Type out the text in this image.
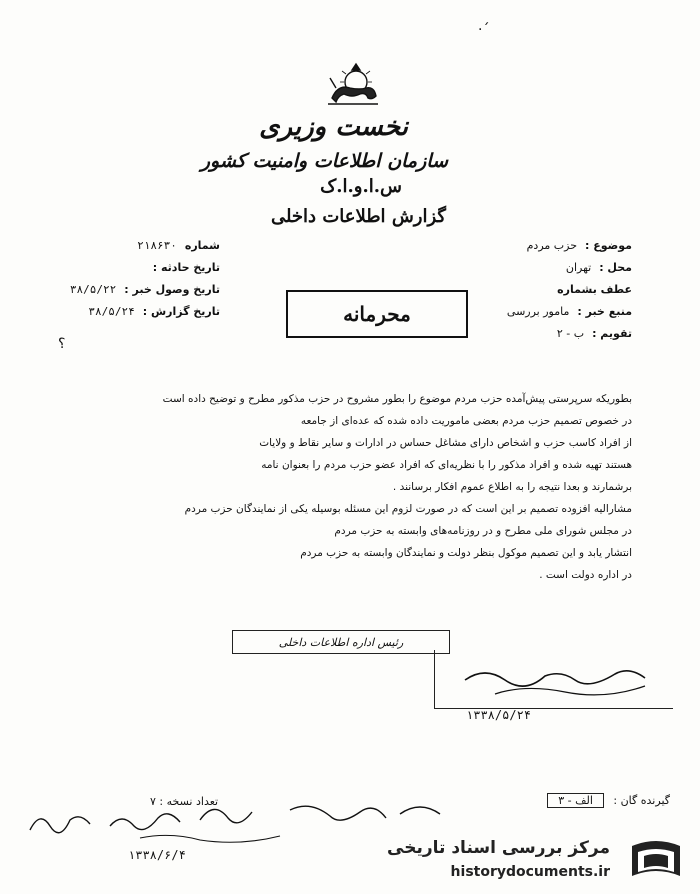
·ˊ
نخست وزیری
سازمان اطلاعات وامنیت کشور
س.ا.و.ا.ک
گزارش اطلاعات داخلی
موضوع :
حزب مردم
محل :
تهران
عطف بشماره
منبع خبر :
مامور بررسی
تقویم :
ب - ۲
شماره
۲۱۸۶۳۰
تاریخ حادثه :
تاریخ وصول خبر :
۳۸/۵/۲۲
تاریخ گزارش :
۳۸/۵/۲۴	محرمانه
؟

بطوریکه سرپرستی پیش‌آمده حزب مردم موضوع را بطور مشروح در حزب مذکور مطرح و توضیح داده است

در خصوص تصمیم حزب مردم بعضی ماموریت داده شده که عده‌ای از جامعه

از افراد کاسب حزب و اشخاص دارای مشاغل حساس در ادارات و سایر نقاط و ولایات

هستند تهیه شده و افراد مذکور را با نظریه‌ای که افراد عضو حزب مردم را بعنوان نامه

برشمارند و بعدا نتیجه را به اطلاع عموم افکار برسانند .

مشارالیه افزوده تصمیم بر این است که در صورت لزوم این مسئله بوسیله یکی از نمایندگان حزب مردم

در مجلس شورای ملی مطرح و در روزنامه‌های وابسته به حزب مردم

انتشار یابد و این تصمیم موکول بنظر دولت و نمایندگان وابسته به حزب مردم

در اداره دولت است .

رئیس اداره اطلاعات داخلی
۱۳۳۸/۵/۲۴
گیرنده گان : الف - ۳
تعداد نسخه : ۷
۱۳۳۸/۶/۴	مرکز بررسی اسناد تاریخی
historydocuments.ir
